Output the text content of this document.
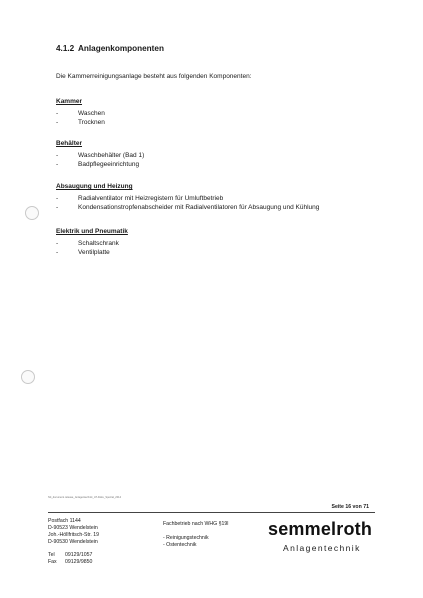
4.1.2 Anlagenkomponenten
Die Kammerreinigungsanlage besteht aus folgenden Komponenten:
Kammer
-	Waschen
-	Trocknen
Behälter
-	Waschbehälter (Bad 1)
-	Badpflegeeinrichtung
Absaugung und Heizung
-	Radialventilator mit Heizregistern für Umluftbetrieb
-	Kondensationstropfenabscheider mit Radialventilatoren für Absaugung und Kühlung
Elektrik und Pneumatik
-	Schaltschrank
-	Ventilplatte
Ntt_document.release_Anlagentechnik_AT-Doku_Spezial_2014
Seite 16 von 71
Postfach 1144
D-90523 Wendelstein
Joh.-Höllfritsch-Str. 19
D-90530 Wendelstein
Tel 09129/1057
Fax 09129/9850
Fachbetrieb nach WHG §19l
- Reinigungstechnik
- Ostentechnik
semmelroth
Anlagentechnik
